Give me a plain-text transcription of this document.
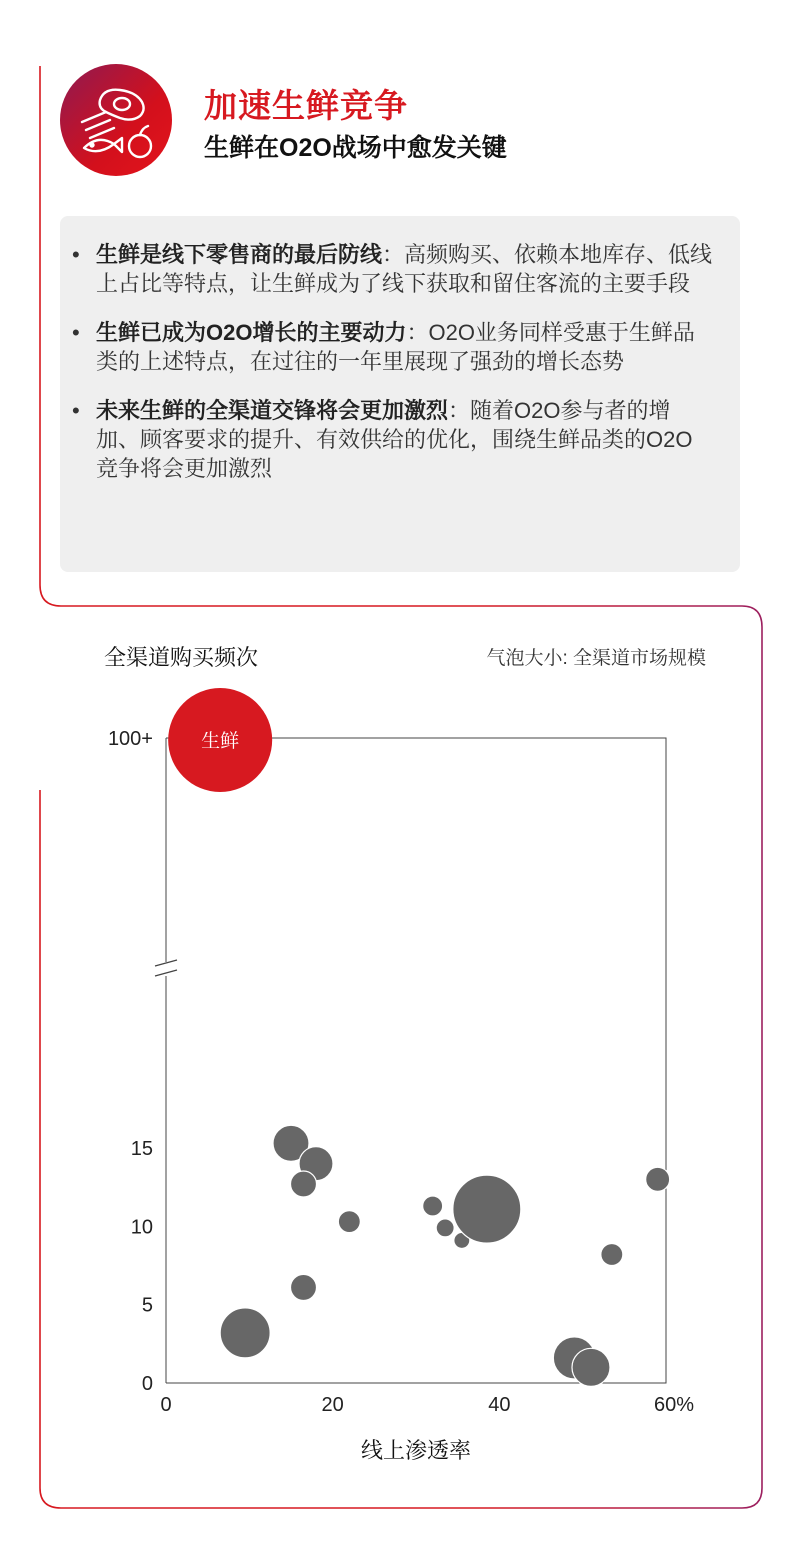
加速生鲜竞争
生鲜在O2O战场中愈发关键

• 生鲜是线下零售商的最后防线：高频购买、依赖本地库存、低线上占比等特点，让生鲜成为了线下获取和留住客流的主要手段

• 生鲜已成为O2O增长的主要动力：O2O业务同样受惠于生鲜品类的上述特点，在过往的一年里展现了强劲的增长态势

• 未来生鲜的全渠道交锋将会更加激烈：随着O2O参与者的增加、顾客要求的提升、有效供给的优化，围绕生鲜品类的O2O竞争将会更加激烈

全渠道购买频次	气泡大小: 全渠道市场规模

0
5
10
15
100+
0	20	40	60%
线上渗透率
生鲜
